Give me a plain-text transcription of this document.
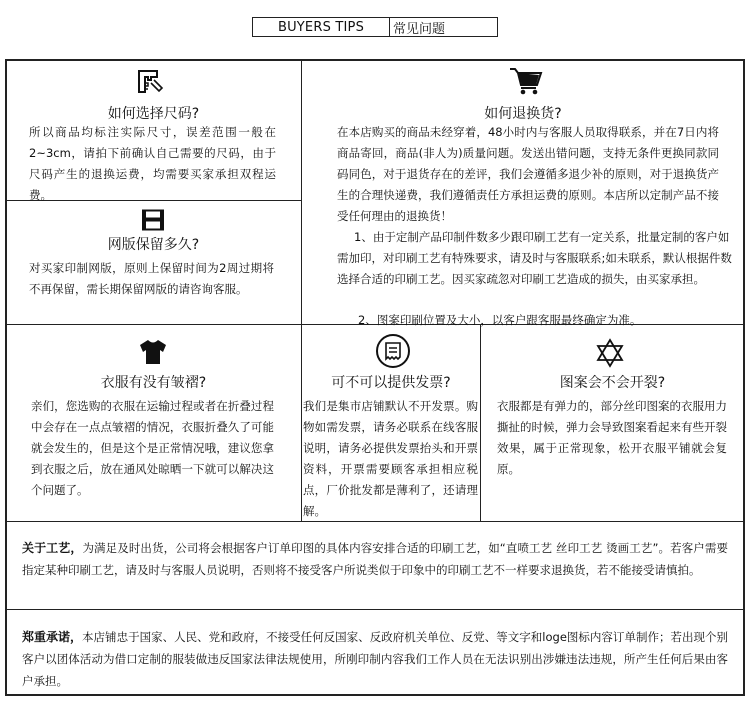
BUYERS TIPS	常见问题
如何选择尺码?
所以商品均标注实际尺寸，误差范围一般在2~3cm，请拍下前确认自己需要的尺码，由于尺码产生的退换运费，均需要买家承担双程运费。
网版保留多久?
对买家印制网版，原则上保留时间为2周过期将不再保留，需长期保留网版的请咨询客服。
如何退换货?

在本店购买的商品未经穿着，48小时内与客服人员取得联系，并在7日内将商品寄回，商品(非人为)质量问题。发送出错问题，支持无条件更换同款同码同色，对于退货存在的差评，我们会遵循多退少补的原则，对于退换货产生的合理快递费，我们遵循责任方承担运费的原则。本店所以定制产品不接受任何理由的退换货！

1、由于定制产品印制件数多少跟印刷工艺有一定关系，批量定制的客户如需加印，对印刷工艺有特殊要求，请及时与客服联系;如未联系，默认根据件数选择合适的印刷工艺。因买家疏忽对印刷工艺造成的损失，由买家承担。
2、图案印刷位置及大小，以客户跟客服最终确定为准。
衣服有没有皱褶?
亲们，您选购的衣服在运输过程或者在折叠过程中会存在一点点皱褶的情况，衣服折叠久了可能就会发生的，但是这个是正常情况哦，建议您拿到衣服之后，放在通风处晾晒一下就可以解决这个问题了。
可不可以提供发票?
我们是集市店铺默认不开发票。购物如需发票，请务必联系在线客服说明，请务必提供发票抬头和开票资料，开票需要顾客承担相应税点，厂价批发都是薄利了，还请理解。
图案会不会开裂?
衣服都是有弹力的，部分丝印图案的衣服用力撕扯的时候，弹力会导致图案看起来有些开裂效果，属于正常现象，松开衣服平铺就会复原。
关于工艺，为满足及时出货，公司将会根据客户订单印图的具体内容安排合适的印刷工艺，如“直喷工艺 丝印工艺 烫画工艺”。若客户需要指定某种印刷工艺，请及时与客服人员说明，否则将不接受客户所说类似于印象中的印刷工艺不一样要求退换货，若不能接受请慎拍。
郑重承诺，本店铺忠于国家、人民、党和政府，不接受任何反国家、反政府机关单位、反党、等文字和loge图标内容订单制作；若出现个别客户以团体活动为借口定制的服装做违反国家法律法规使用，所刚印制内容我们工作人员在无法识别出涉嫌违法违规，所产生任何后果由客户承担。
